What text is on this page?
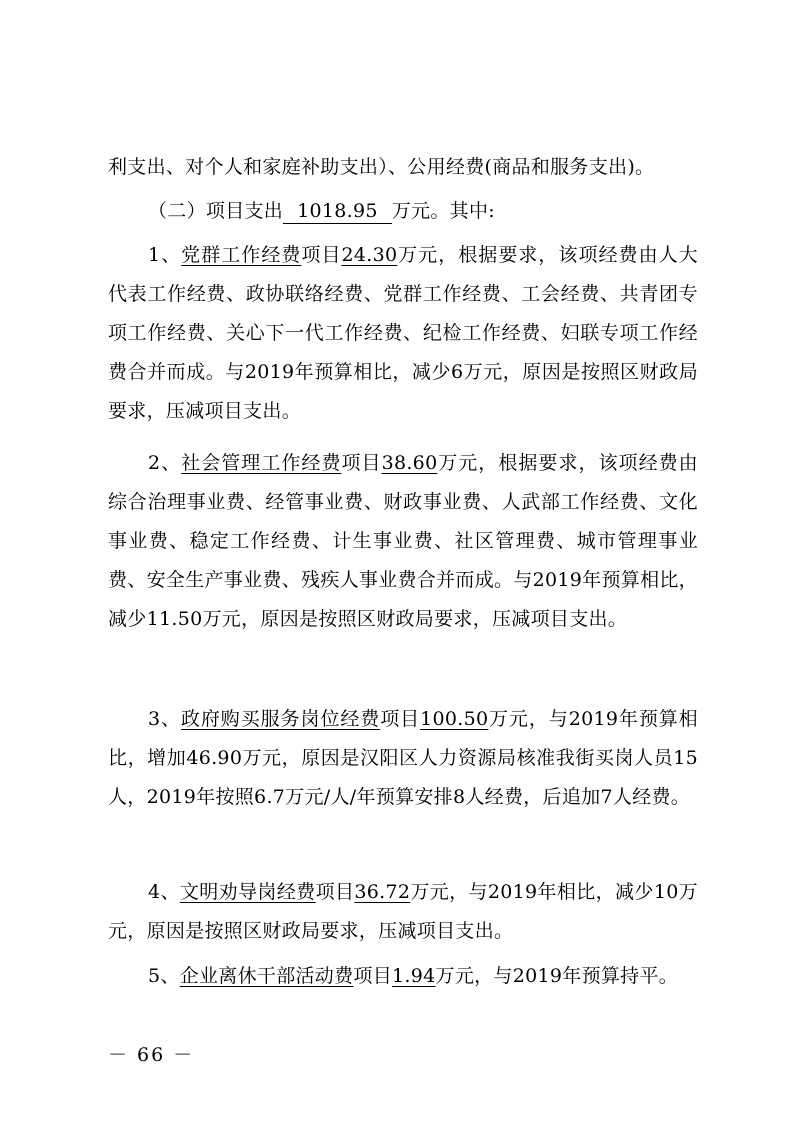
利支出、对个人和家庭补助支出）、公用经费(商品和服务支出)。

（二）项目支出 1018.95 万元。其中:

1、党群工作经费项目24.30万元，根据要求，该项经费由人大代表工作经费、政协联络经费、党群工作经费、工会经费、共青团专项工作经费、关心下一代工作经费、纪检工作经费、妇联专项工作经费合并而成。与2019年预算相比，减少6万元，原因是按照区财政局要求，压减项目支出。

2、社会管理工作经费项目38.60万元，根据要求，该项经费由综合治理事业费、经管事业费、财政事业费、人武部工作经费、文化事业费、稳定工作经费、计生事业费、社区管理费、城市管理事业费、安全生产事业费、残疾人事业费合并而成。与2019年预算相比，减少11.50万元，原因是按照区财政局要求，压减项目支出。

3、政府购买服务岗位经费项目100.50万元，与2019年预算相比，增加46.90万元，原因是汉阳区人力资源局核准我街买岗人员15人，2019年按照6.7万元/人/年预算安排8人经费，后追加7人经费。

4、文明劝导岗经费项目36.72万元，与2019年相比，减少10万元，原因是按照区财政局要求，压减项目支出。

5、企业离休干部活动费项目1.94万元，与2019年预算持平。

－ 66 －
